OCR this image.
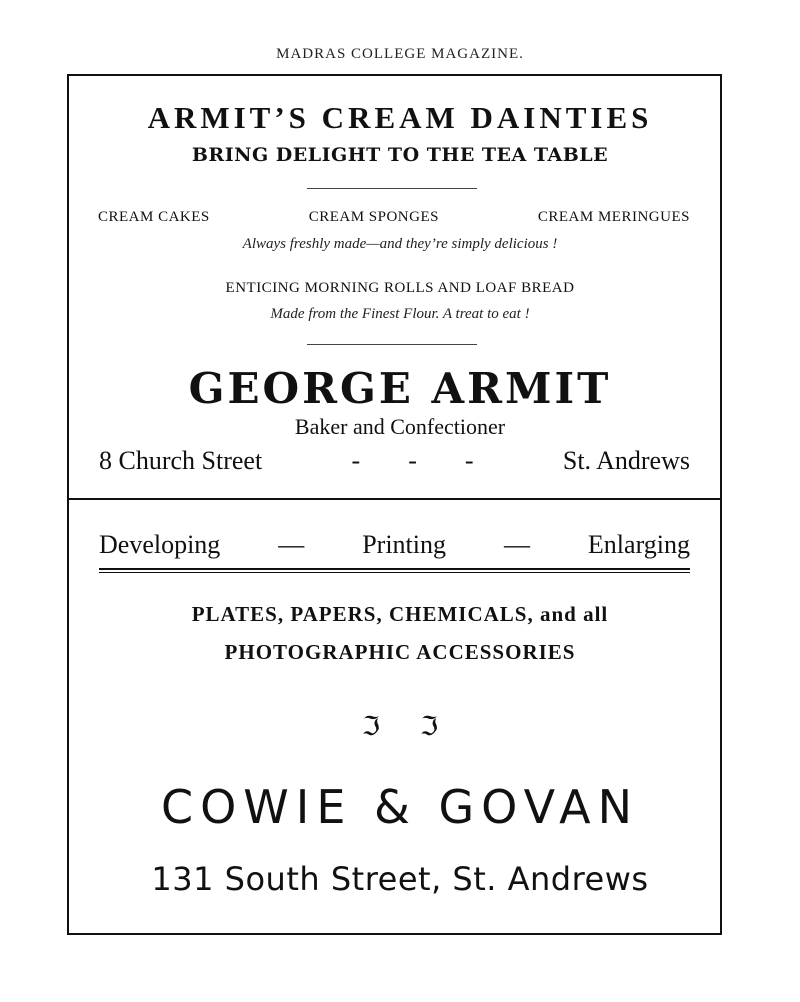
MADRAS COLLEGE MAGAZINE.
ARMIT’S CREAM DAINTIES
BRING DELIGHT TO THE TEA TABLE
CREAM CAKES	CREAM SPONGES	CREAM MERINGUES
Always freshly made—and they’re simply delicious !
ENTICING MORNING ROLLS AND LOAF BREAD
Made from the Finest Flour. A treat to eat !
GEORGE ARMIT
Baker and Confectioner
8 Church Street	- - -	St. Andrews
Developing — Printing — Enlarging
PLATES, PAPERS, CHEMICALS, and all
PHOTOGRAPHIC ACCESSORIES
ℑ ℑ
COWIE & GOVAN
131 South Street, St. Andrews
